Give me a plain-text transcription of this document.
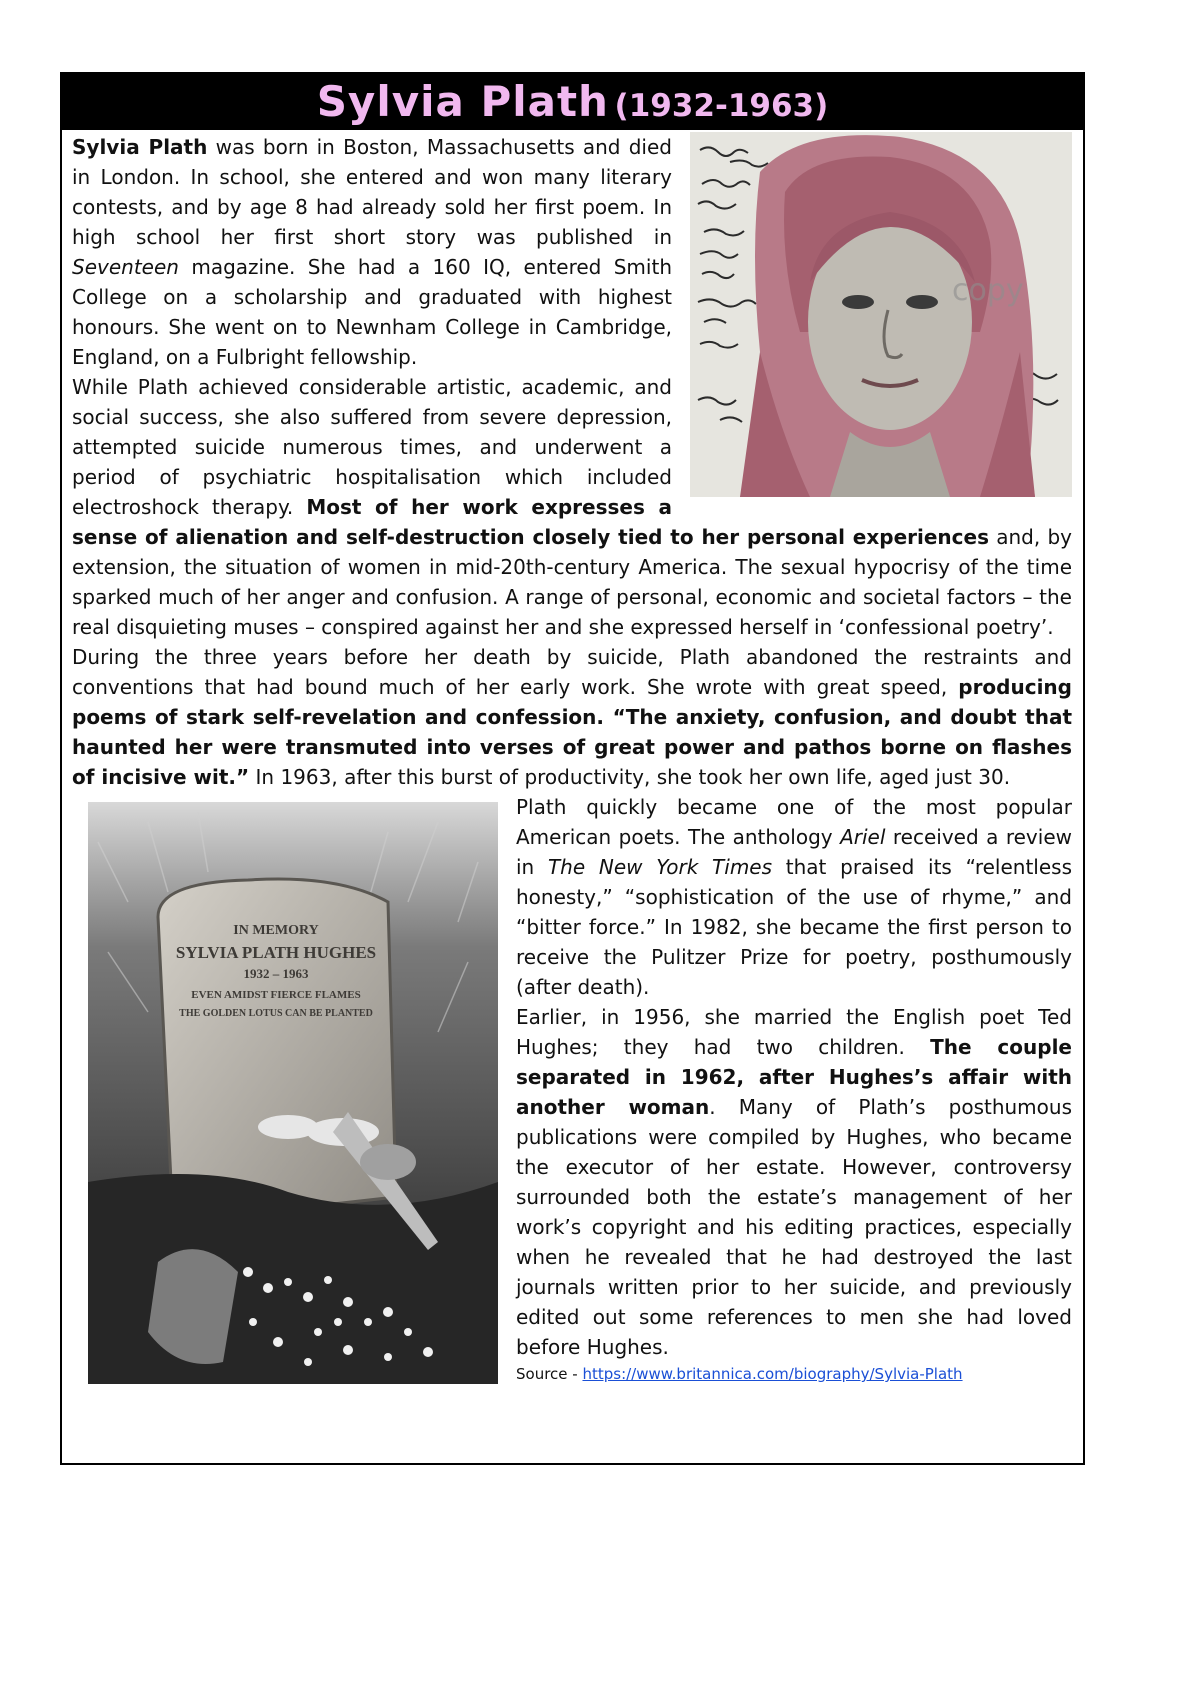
Sylvia Plath (1932-1963)
copy

Sylvia Plath was born in Boston, Massachusetts and died in London. In school, she entered and won many literary contests, and by age 8 had already sold her first poem. In high school her first short story was published in Seventeen magazine. She had a 160 IQ, entered Smith College on a scholarship and graduated with highest honours. She went on to Newnham College in Cambridge, England, on a Fulbright fellowship.

While Plath achieved considerable artistic, academic, and social success, she also suffered from severe depression, attempted suicide numerous times, and underwent a period of psychiatric hospitalisation which included electroshock therapy. Most of her work expresses a sense of alienation and self-destruction closely tied to her personal experiences and, by extension, the situation of women in mid-20th-century America. The sexual hypocrisy of the time sparked much of her anger and confusion. A range of personal, economic and societal factors – the real disquieting muses – conspired against her and she expressed herself in ‘confessional poetry’.

During the three years before her death by suicide, Plath abandoned the restraints and conventions that had bound much of her early work. She wrote with great speed, producing poems of stark self-revelation and confession. “The anxiety, confusion, and doubt that haunted her were transmuted into verses of great power and pathos borne on flashes of incisive wit.” In 1963, after this burst of productivity, she took her own life, aged just 30.

IN MEMORY
SYLVIA PLATH HUGHES
1932 – 1963
EVEN AMIDST FIERCE FLAMES
THE GOLDEN LOTUS CAN BE PLANTED

Plath quickly became one of the most popular American poets. The anthology Ariel received a review in The New York Times that praised its “relentless honesty,” “sophistication of the use of rhyme,” and “bitter force.” In 1982, she became the first person to receive the Pulitzer Prize for poetry, posthumously (after death).

Earlier, in 1956, she married the English poet Ted Hughes; they had two children. The couple separated in 1962, after Hughes’s affair with another woman. Many of Plath’s posthumous publications were compiled by Hughes, who became the executor of her estate. However, controversy surrounded both the estate’s management of her work’s copyright and his editing practices, especially when he revealed that he had destroyed the last journals written prior to her suicide, and previously edited out some references to men she had loved before Hughes.

Source - https://www.britannica.com/biography/Sylvia-Plath
